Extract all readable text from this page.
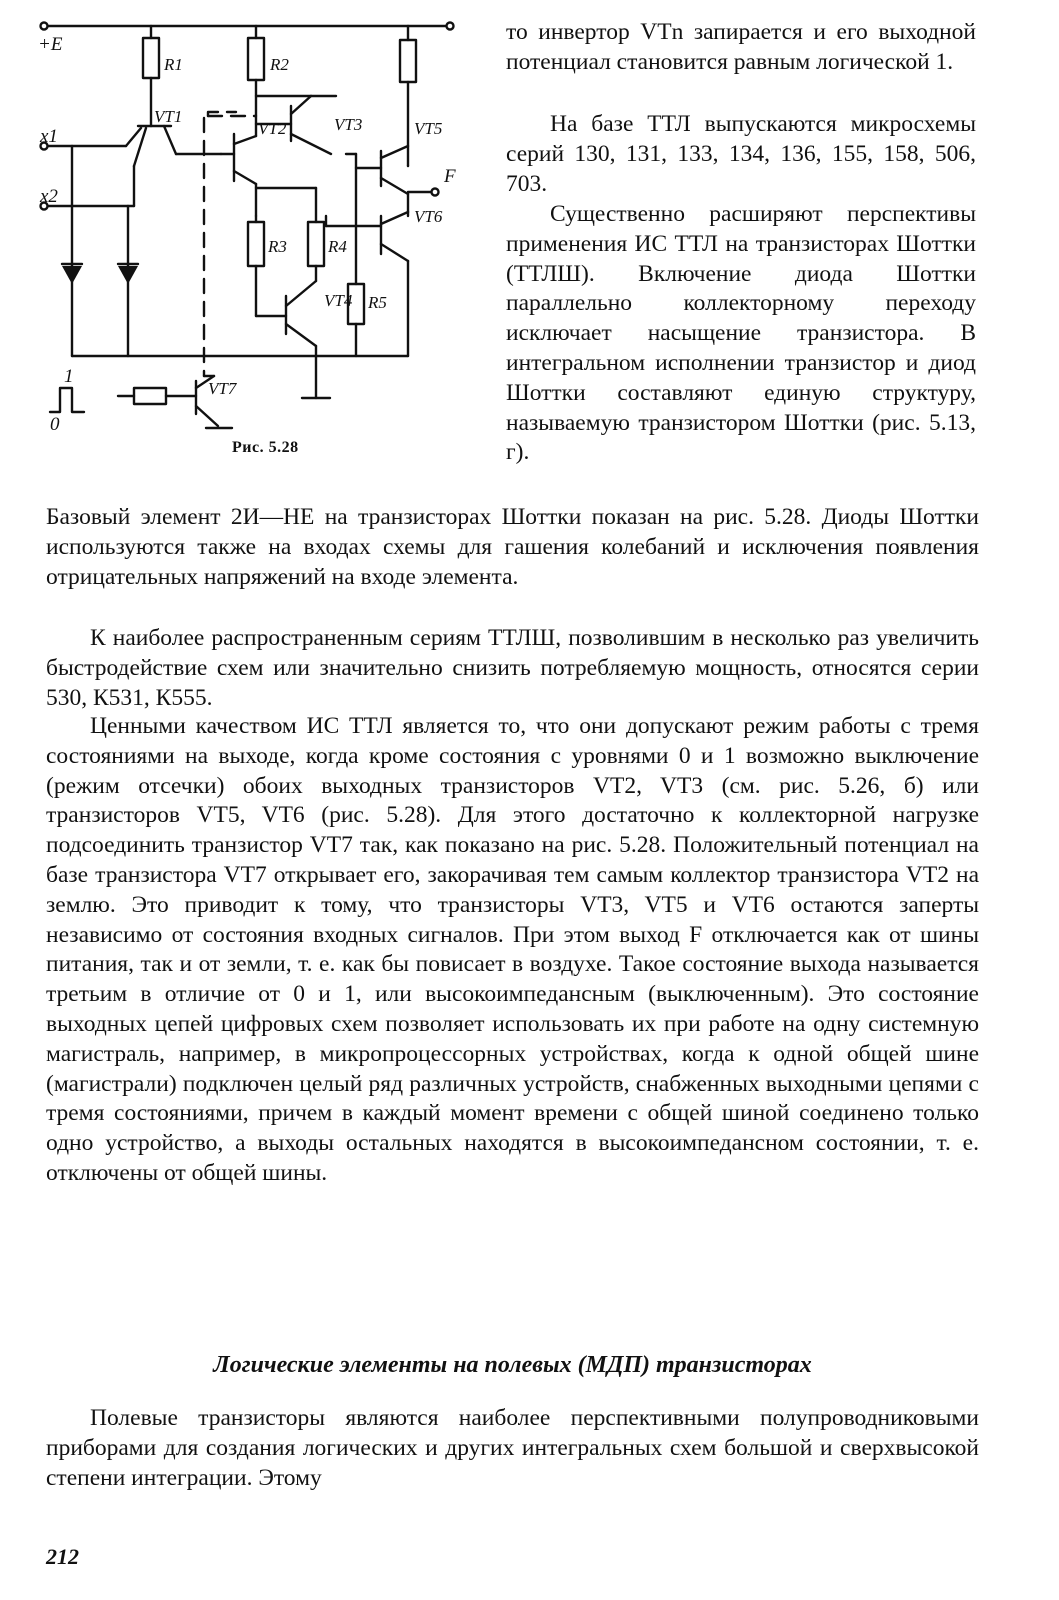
+E
x1
x2
F
1
0
R1	R2
R3 R4
R5
VT1
VT2	VT3
VT4
VT5
VT6
VT7
Рис. 5.28

то инвертор VTn запирается и его выходной потенциал становится равным логической 1.

На базе ТТЛ выпускаются микросхемы серий 130, 131, 133, 134, 136, 155, 158, 506, 703.

Существенно расширяют перспективы применения ИС ТТЛ на транзисторах Шоттки (ТТЛШ). Включение диода Шоттки параллельно коллекторному переходу исключает насыщение транзистора. В интегральном исполнении транзистор и диод Шоттки составляют единую структуру, называемую транзистором Шоттки (рис. 5.13, г).

Базовый элемент 2И—НЕ на транзисторах Шоттки показан на рис. 5.28. Диоды Шоттки используются также на входах схемы для гашения колебаний и исключения появления отрицательных напряжений на входе элемента.

К наиболее распространенным сериям ТТЛШ, позволившим в несколько раз увеличить быстродействие схем или значительно снизить потребляемую мощность, относятся серии 530, К531, К555.

Ценными качеством ИС ТТЛ является то, что они допускают режим работы с тремя состояниями на выходе, когда кроме состояния с уровнями 0 и 1 возможно выключение (режим отсечки) обоих выходных транзисторов VT2, VT3 (см. рис. 5.26, б) или транзисторов VT5, VT6 (рис. 5.28). Для этого достаточно к коллекторной нагрузке подсоединить транзистор VT7 так, как показано на рис. 5.28. Положительный потенциал на базе транзистора VT7 открывает его, закорачивая тем самым коллектор транзистора VT2 на землю. Это приводит к тому, что транзисторы VT3, VT5 и VT6 остаются заперты независимо от состояния входных сигналов. При этом выход F отключается как от шины питания, так и от земли, т. е. как бы повисает в воздухе. Такое состояние выхода называется третьим в отличие от 0 и 1, или высокоимпедансным (выключенным). Это состояние выходных цепей цифровых схем позволяет использовать их при работе на одну системную магистраль, например, в микропроцессорных устройствах, когда к одной общей шине (магистрали) подключен целый ряд различных устройств, снабженных выходными цепями с тремя состояниями, причем в каждый момент времени с общей шиной соединено только одно устройство, а выходы остальных находятся в высокоимпедансном состоянии, т. е. отключены от общей шины.

Логические элементы на полевых (МДП) транзисторах

Полевые транзисторы являются наиболее перспективными полупроводниковыми приборами для создания логических и других интегральных схем большой и сверхвысокой степени интеграции. Этому

212
